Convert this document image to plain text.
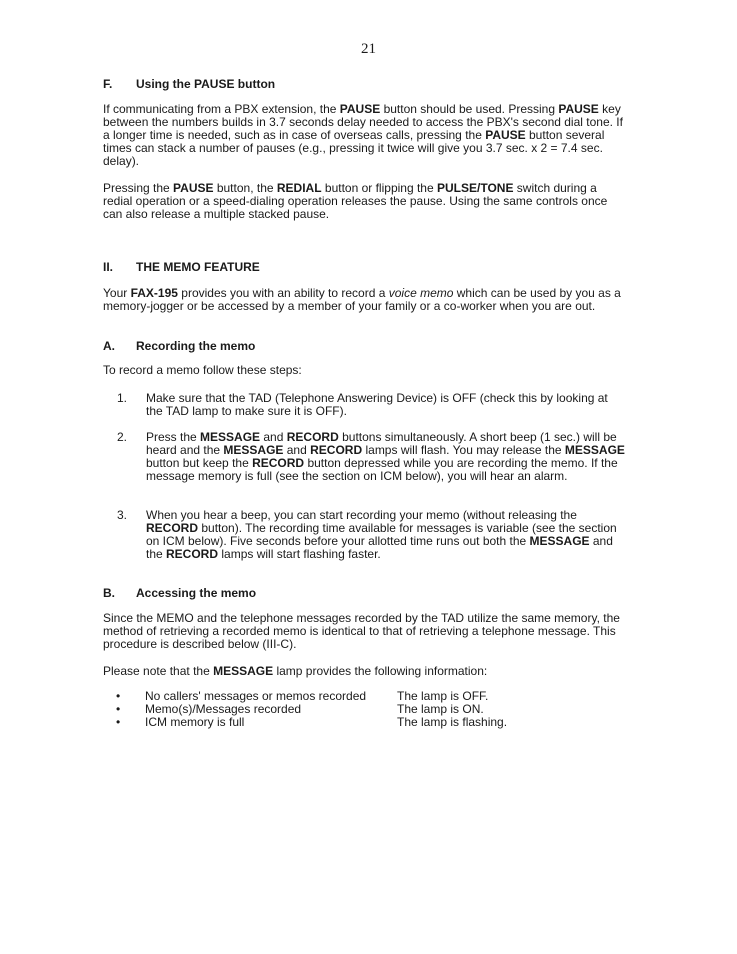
21
F. Using the PAUSE button

If communicating from a PBX extension, the PAUSE button should be used. Pressing PAUSE key between the numbers builds in 3.7 seconds delay needed to access the PBX's second dial tone. If a longer time is needed, such as in case of overseas calls, pressing the PAUSE button several times can stack a number of pauses (e.g., pressing it twice will give you 3.7 sec. x 2 = 7.4 sec. delay).

Pressing the PAUSE button, the REDIAL button or flipping the PULSE/TONE switch during a redial operation or a speed-dialing operation releases the pause. Using the same controls once can also release a multiple stacked pause.

II. THE MEMO FEATURE

Your FAX-195 provides you with an ability to record a voice memo which can be used by you as a memory-jogger or be accessed by a member of your family or a co-worker when you are out.

A. Recording the memo

To record a memo follow these steps:

1.	Make sure that the TAD (Telephone Answering Device) is OFF (check this by looking at the TAD lamp to make sure it is OFF).
2.	Press the MESSAGE and RECORD buttons simultaneously. A short beep (1 sec.) will be heard and the MESSAGE and RECORD lamps will flash. You may release the MESSAGE button but keep the RECORD button depressed while you are recording the memo. If the message memory is full (see the section on ICM below), you will hear an alarm.
3.	When you hear a beep, you can start recording your memo (without releasing the RECORD button). The recording time available for messages is variable (see the section on ICM below). Five seconds before your allotted time runs out both the MESSAGE and the RECORD lamps will start flashing faster.
B. Accessing the memo

Since the MEMO and the telephone messages recorded by the TAD utilize the same memory, the method of retrieving a recorded memo is identical to that of retrieving a telephone message. This procedure is described below (III-C).

Please note that the MESSAGE lamp provides the following information:

• No callers' messages or memos recorded	The lamp is OFF.
• Memo(s)/Messages recorded	The lamp is ON.
• ICM memory is full	The lamp is flashing.
